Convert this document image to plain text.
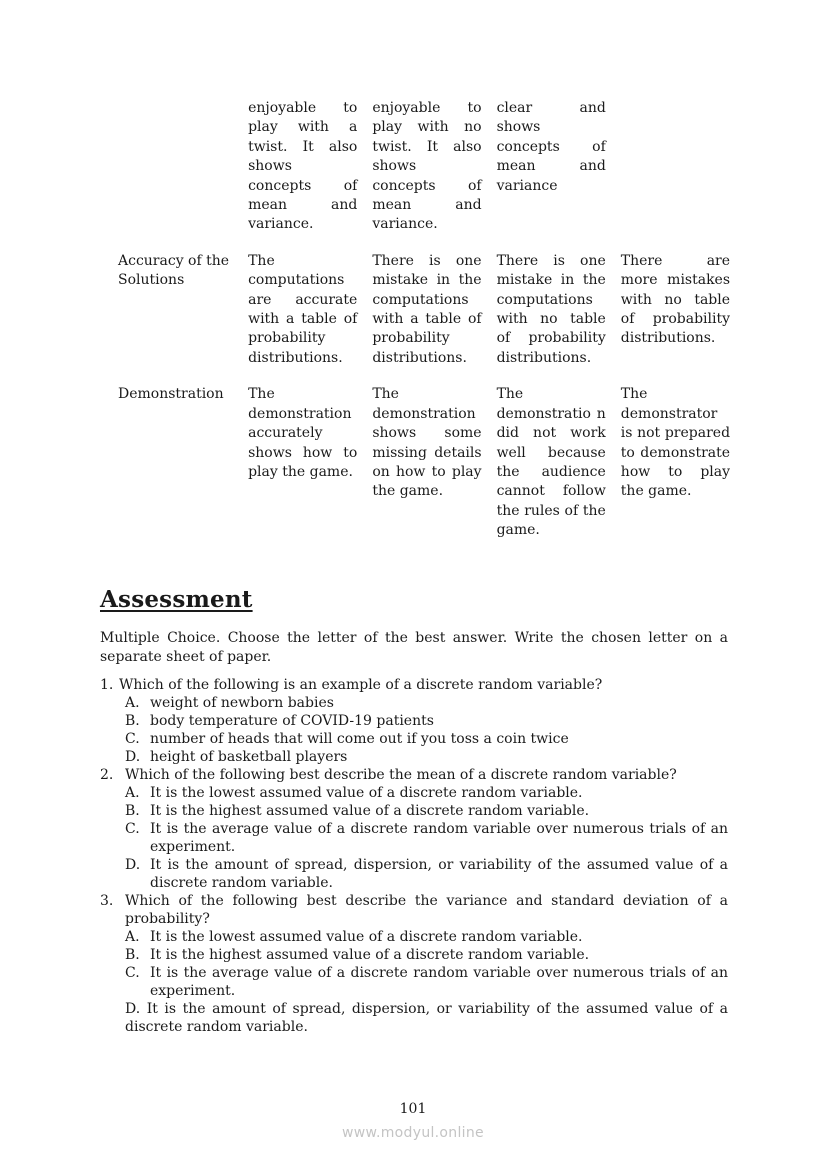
enjoyable to play with a twist. It also shows concepts of mean and variance.
enjoyable to play with no twist. It also shows concepts of mean and variance.
clear and shows concepts of mean and variance
Accuracy of the Solutions
The computations are accurate with a table of probability distributions.
There is one mistake in the computations with a table of probability distributions.
There is one mistake in the computations with no table of probability distributions.
There are more mistakes with no table of probability distributions.
Demonstration	The demonstration accurately shows how to play the game.
The demonstration shows some missing details on how to play the game.
The demonstratio n did not work well because the audience cannot follow the rules of the game.
The demonstrator is not prepared to demonstrate how to play the game.
Assessment
Multiple Choice. Choose the letter of the best answer. Write the chosen letter on a separate sheet of paper.
1. Which of the following is an example of a discrete random variable?
A. weight of newborn babies
B. body temperature of COVID-19 patients
C. number of heads that will come out if you toss a coin twice
D. height of basketball players
2. Which of the following best describe the mean of a discrete random variable?
A. It is the lowest assumed value of a discrete random variable.
B. It is the highest assumed value of a discrete random variable.
C. It is the average value of a discrete random variable over numerous trials of an experiment.
D. It is the amount of spread, dispersion, or variability of the assumed value of a discrete random variable.
3. Which of the following best describe the variance and standard deviation of a probability?
A. It is the lowest assumed value of a discrete random variable.
B. It is the highest assumed value of a discrete random variable.
C. It is the average value of a discrete random variable over numerous trials of an experiment.
D. It is the amount of spread, dispersion, or variability of the assumed value of a discrete random variable.
101
www.modyul.online
